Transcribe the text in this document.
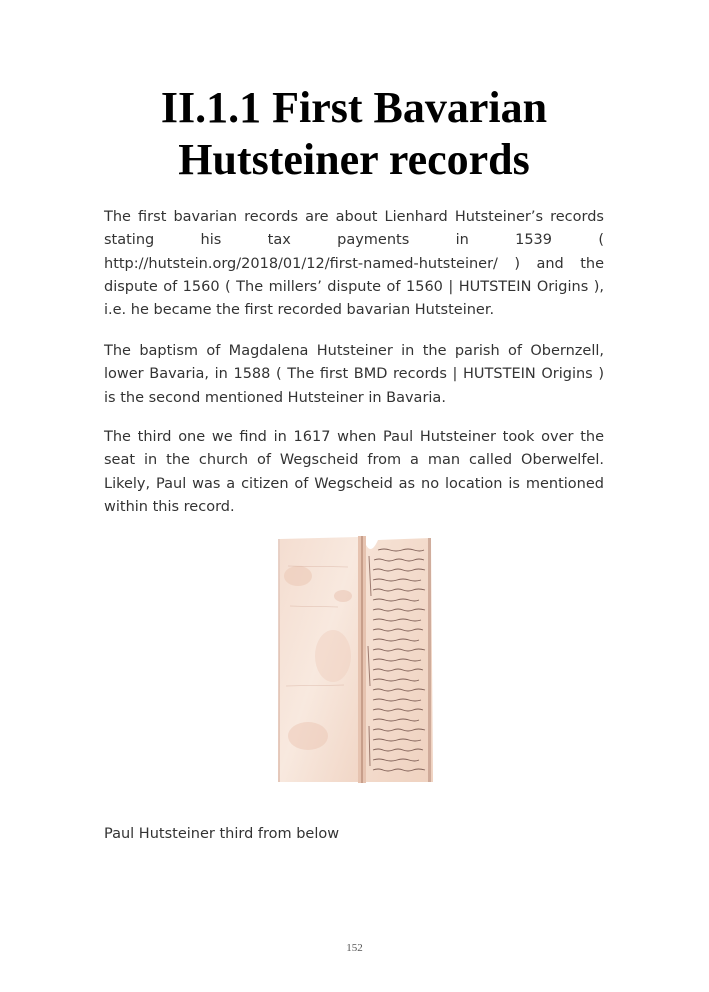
II.1.1 First Bavarian
Hutsteiner records

The first bavarian records are about Lienhard Hutsteiner’s records stating his tax payments in 1539 ( http://hutstein.org/2018/01/12/first-named-hutsteiner/ ) and the dispute of 1560 ( The millers’ dispute of 1560 | HUTSTEIN Origins ), i.e. he became the first recorded bavarian Hutsteiner.

The baptism of Magdalena Hutsteiner in the parish of Obernzell, lower Bavaria, in 1588 ( The first BMD records | HUTSTEIN Origins ) is the second mentioned Hutsteiner in Bavaria.

The third one we find in 1617 when Paul Hutsteiner took over the seat in the church of Wegscheid from a man called Oberwelfel. Likely, Paul was a citizen of Wegscheid as no location is mentioned within this record.

Paul Hutsteiner third from below

152
